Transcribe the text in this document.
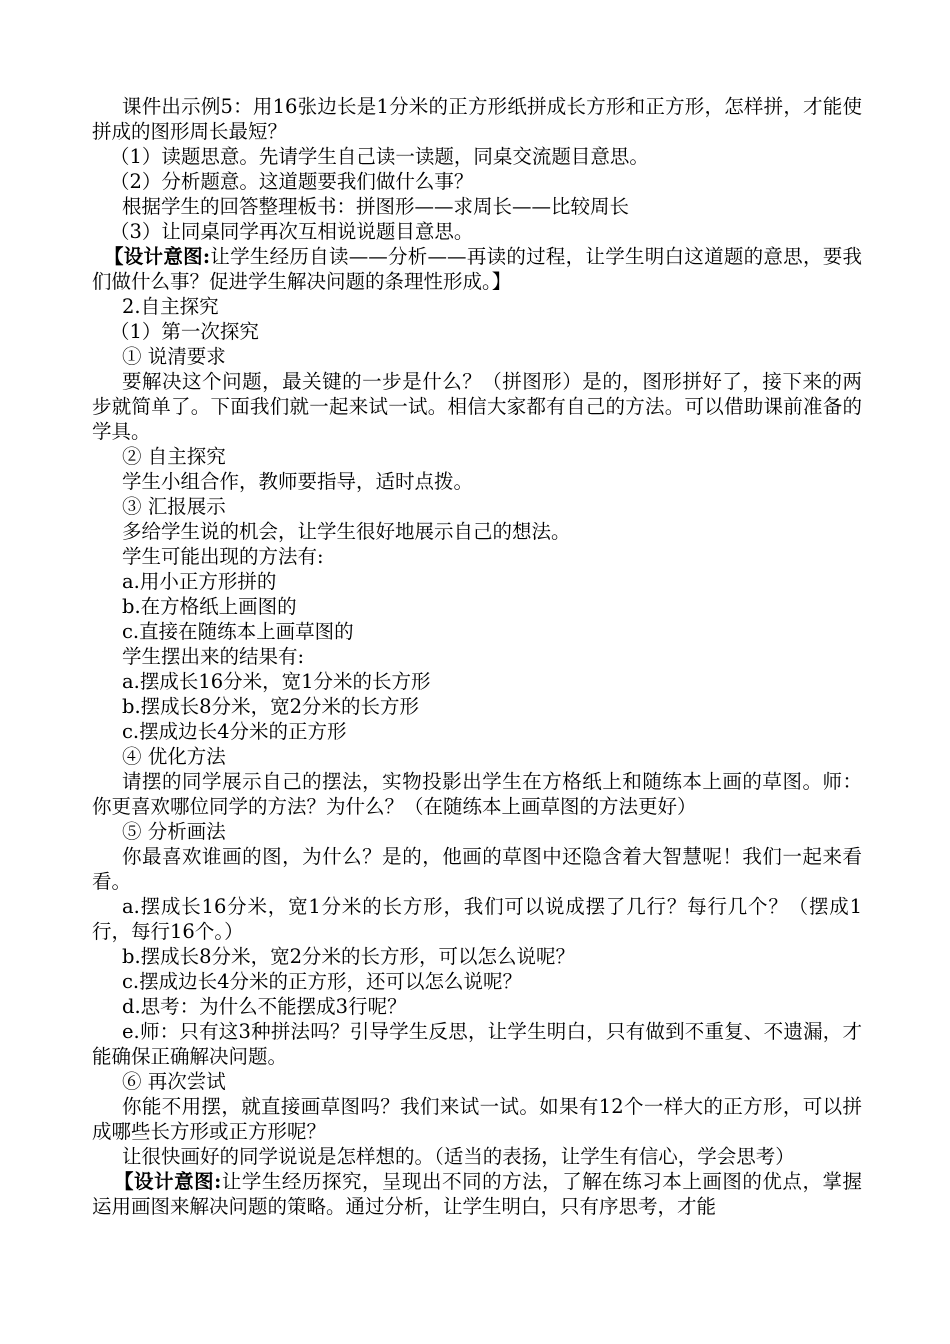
课件出示例5：用16张边长是1分米的正方形纸拼成长方形和正方形，怎样拼，才能使拼成的图形周长最短？

（1）读题思意。先请学生自己读一读题，同桌交流题目意思。

（2）分析题意。这道题要我们做什么事？

根据学生的回答整理板书：拼图形——求周长——比较周长

（3）让同桌同学再次互相说说题目意思。

【设计意图:让学生经历自读——分析——再读的过程，让学生明白这道题的意思，要我们做什么事？促进学生解决问题的条理性形成。】

2.自主探究

（1）第一次探究

① 说清要求

要解决这个问题，最关键的一步是什么？（拼图形）是的，图形拼好了，接下来的两步就简单了。下面我们就一起来试一试。相信大家都有自己的方法。可以借助课前准备的学具。

② 自主探究

学生小组合作，教师要指导，适时点拨。

③ 汇报展示

多给学生说的机会，让学生很好地展示自己的想法。

学生可能出现的方法有:

a.用小正方形拼的

b.在方格纸上画图的

c.直接在随练本上画草图的

学生摆出来的结果有:

a.摆成长16分米，宽1分米的长方形

b.摆成长8分米，宽2分米的长方形

c.摆成边长4分米的正方形

④ 优化方法

请摆的同学展示自己的摆法，实物投影出学生在方格纸上和随练本上画的草图。师：你更喜欢哪位同学的方法？为什么？（在随练本上画草图的方法更好）

⑤ 分析画法

你最喜欢谁画的图，为什么？是的，他画的草图中还隐含着大智慧呢！我们一起来看看。

a.摆成长16分米，宽1分米的长方形，我们可以说成摆了几行？每行几个？（摆成1行，每行16个。）

b.摆成长8分米，宽2分米的长方形，可以怎么说呢？

c.摆成边长4分米的正方形，还可以怎么说呢？

d.思考：为什么不能摆成3行呢？

e.师：只有这3种拼法吗？引导学生反思，让学生明白，只有做到不重复、不遗漏，才能确保正确解决问题。

⑥ 再次尝试

你能不用摆，就直接画草图吗？我们来试一试。如果有12个一样大的正方形，可以拼成哪些长方形或正方形呢？

让很快画好的同学说说是怎样想的。（适当的表扬，让学生有信心，学会思考）

【设计意图:让学生经历探究，呈现出不同的方法，了解在练习本上画图的优点，掌握运用画图来解决问题的策略。通过分析，让学生明白，只有序思考，才能
